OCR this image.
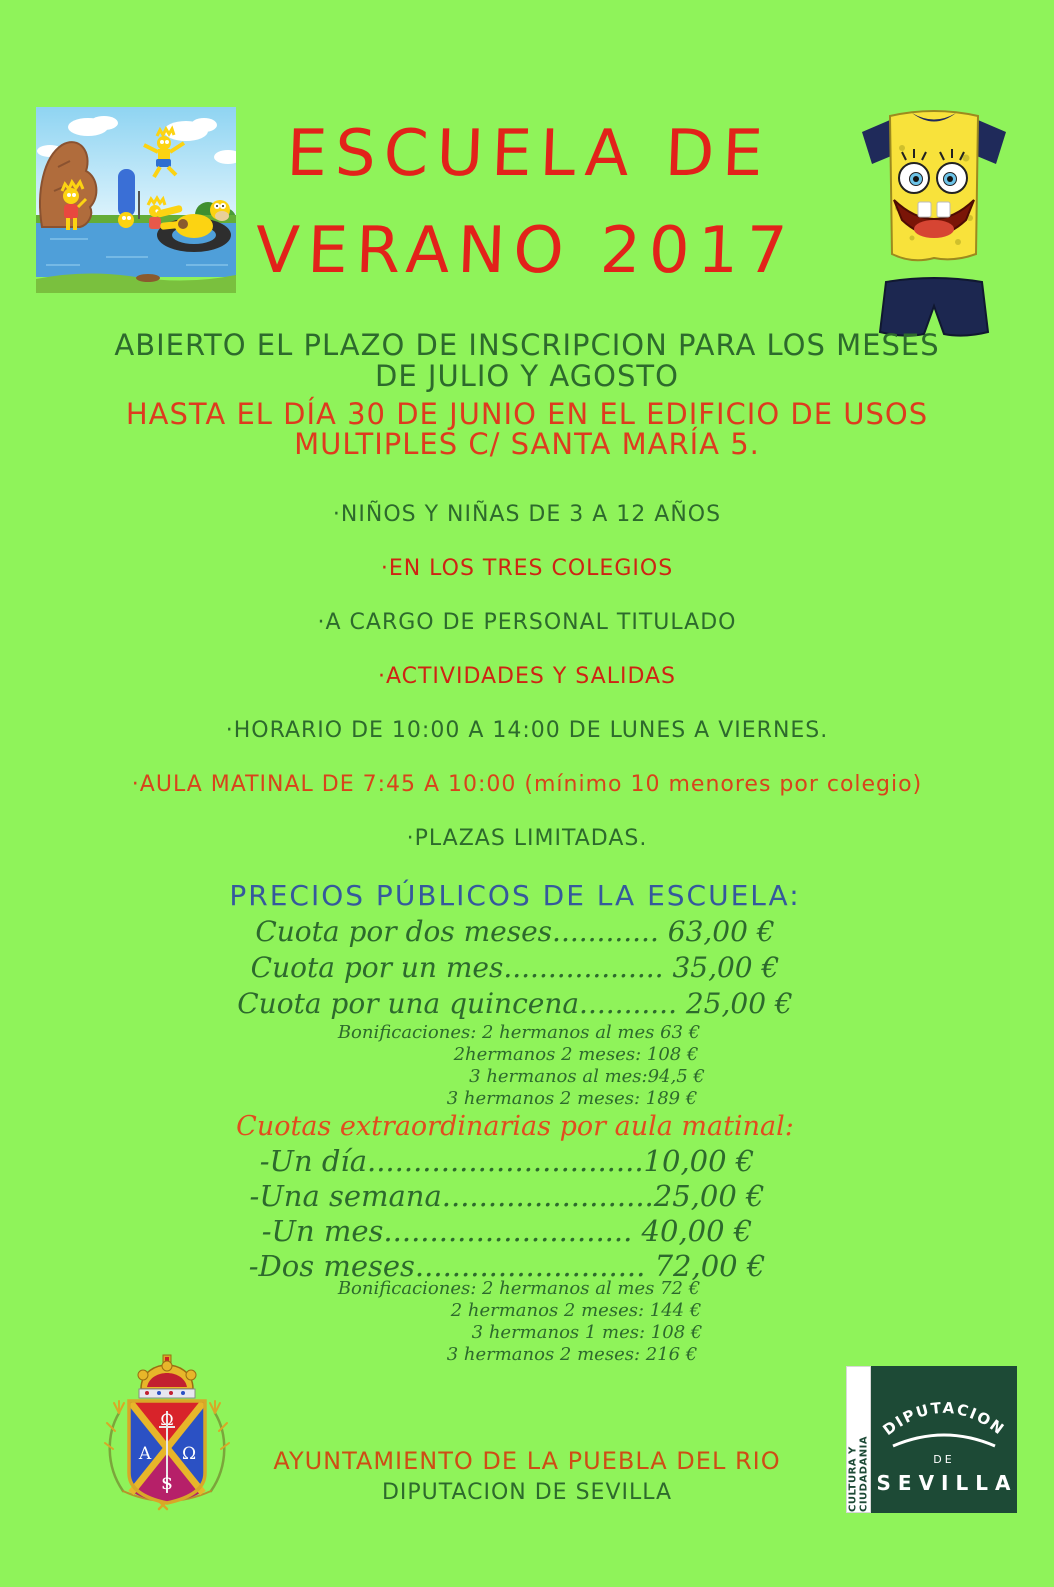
ESCUELA DE
VERANO 2017
ABIERTO EL PLAZO DE INSCRIPCION PARA LOS MESES
DE JULIO Y AGOSTO
HASTA EL DÍA 30 DE JUNIO EN EL EDIFICIO DE USOS
MULTIPLES C/ SANTA MARÍA 5.
·NIÑOS Y NIÑAS DE 3 A 12 AÑOS
·EN LOS TRES COLEGIOS
·A CARGO DE PERSONAL TITULADO
·ACTIVIDADES Y SALIDAS
·HORARIO DE 10:00 A 14:00 DE LUNES A VIERNES.
·AULA MATINAL DE 7:45 A 10:00 (mínimo 10 menores por colegio)
·PLAZAS LIMITADAS.
PRECIOS PÚBLICOS DE LA ESCUELA:
Cuota por dos meses............ 63,00 €
Cuota por un mes.................. 35,00 €
Cuota por una quincena........... 25,00 €
Bonificaciones: 2 hermanos al mes 63 €
2hermanos 2 meses: 108 €
3 hermanos al mes:94,5 €
3 hermanos 2 meses: 189 €
Cuotas extraordinarias por aula matinal:
-Un día..............................10,00 €
-Una semana.......................25,00 €
-Un mes........................... 40,00 €
-Dos meses......................... 72,00 €
Bonificaciones: 2 hermanos al mes 72 €
2 hermanos 2 meses: 144 €
3 hermanos 1 mes: 108 €
3 hermanos 2 meses: 216 €
Ω
A Ω
$
AYUNTAMIENTO DE LA PUEBLA DEL RIO
DIPUTACION DE SEVILLA	CULTURA Y CIUDADANIA
DIPUTACION
DE
SEVILLA
